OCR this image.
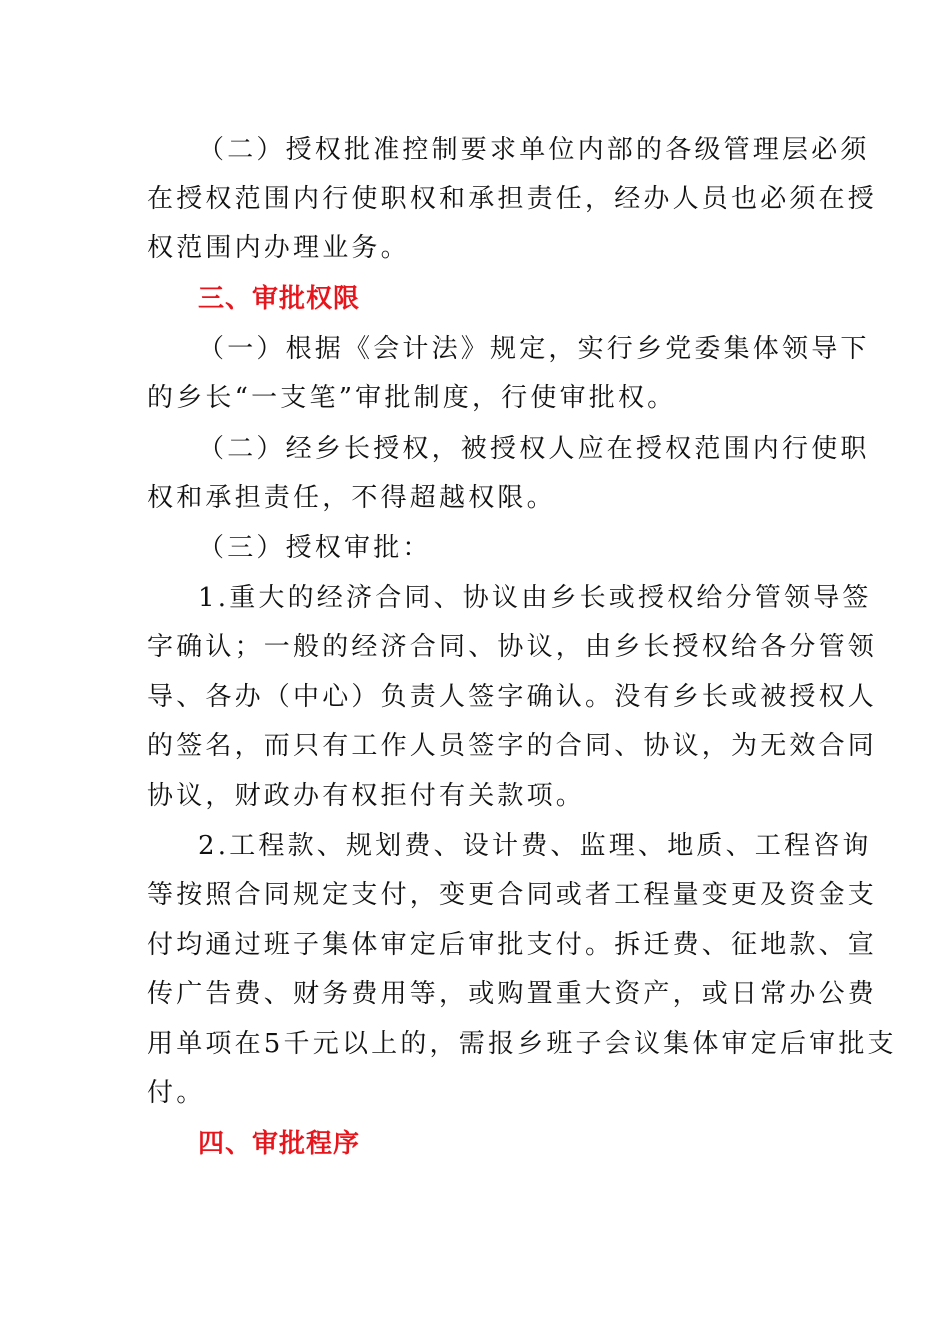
（二）授权批准控制要求单位内部的各级管理层必须
在授权范围内行使职权和承担责任，经办人员也必须在授
权范围内办理业务。
三、审批权限
（一）根据《会计法》规定，实行乡党委集体领导下
的乡长“一支笔”审批制度，行使审批权。
（二）经乡长授权，被授权人应在授权范围内行使职
权和承担责任，不得超越权限。
（三）授权审批：
1.重大的经济合同、协议由乡长或授权给分管领导签
字确认；一般的经济合同、协议，由乡长授权给各分管领
导、各办（中心）负责人签字确认。没有乡长或被授权人
的签名，而只有工作人员签字的合同、协议，为无效合同
协议，财政办有权拒付有关款项。
2.工程款、规划费、设计费、监理、地质、工程咨询
等按照合同规定支付，变更合同或者工程量变更及资金支
付均通过班子集体审定后审批支付。拆迁费、征地款、宣
传广告费、财务费用等，或购置重大资产，或日常办公费
用单项在5千元以上的，需报乡班子会议集体审定后审批支
付。
四、审批程序
